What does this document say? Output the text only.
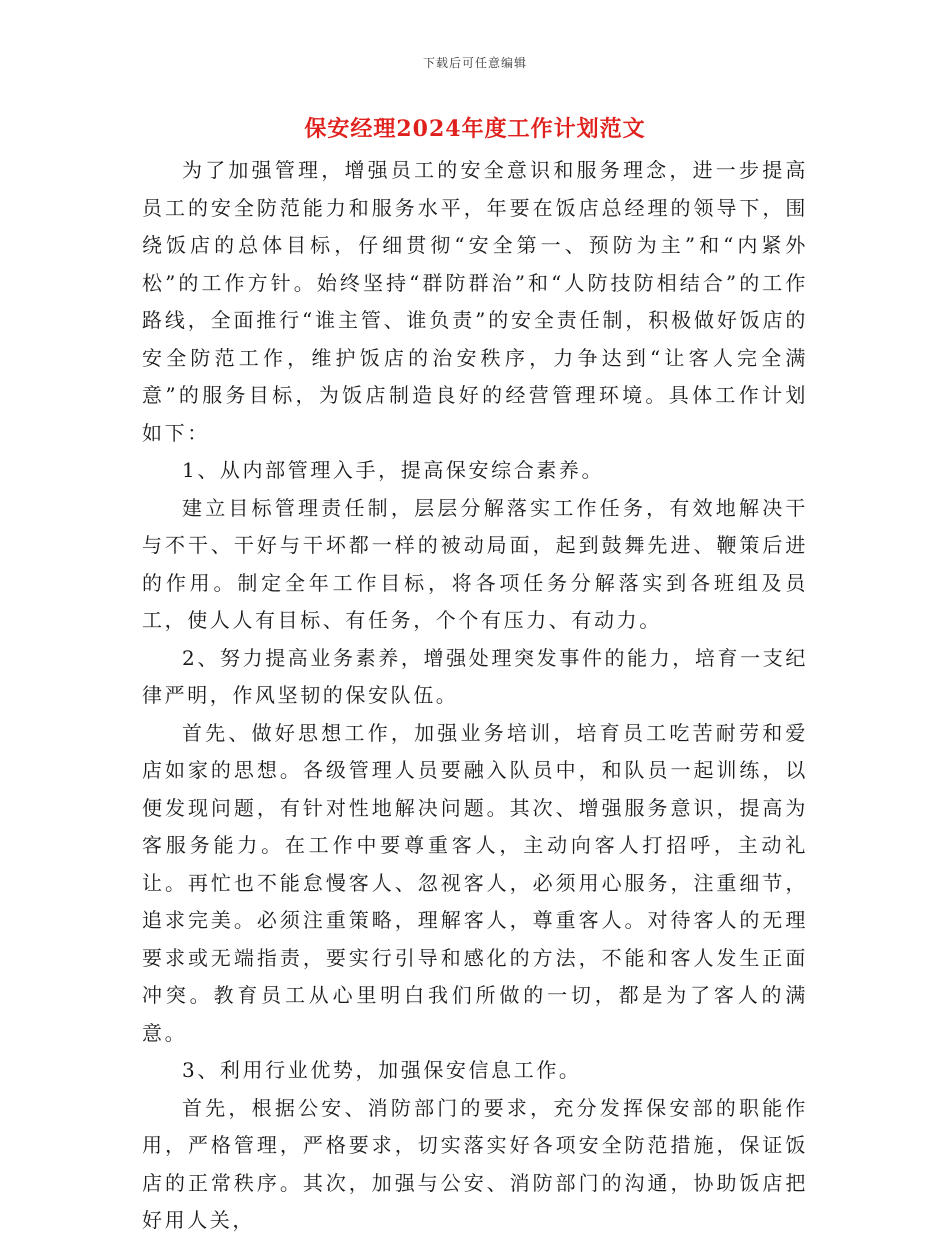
下载后可任意编辑
保安经理2024年度工作计划范文

为了加强管理，增强员工的安全意识和服务理念，进一步提高员工的安全防范能力和服务水平，年要在饭店总经理的领导下，围绕饭店的总体目标，仔细贯彻“安全第一、预防为主”和“内紧外松”的工作方针。始终坚持“群防群治”和“人防技防相结合”的工作路线，全面推行“谁主管、谁负责”的安全责任制，积极做好饭店的安全防范工作，维护饭店的治安秩序，力争达到“让客人完全满意”的服务目标，为饭店制造良好的经营管理环境。具体工作计划如下：

1、从内部管理入手，提高保安综合素养。

建立目标管理责任制，层层分解落实工作任务，有效地解决干与不干、干好与干坏都一样的被动局面，起到鼓舞先进、鞭策后进的作用。制定全年工作目标，将各项任务分解落实到各班组及员工，使人人有目标、有任务，个个有压力、有动力。

2、努力提高业务素养，增强处理突发事件的能力，培育一支纪律严明，作风坚韧的保安队伍。

首先、做好思想工作，加强业务培训，培育员工吃苦耐劳和爱店如家的思想。各级管理人员要融入队员中，和队员一起训练，以便发现问题，有针对性地解决问题。其次、增强服务意识，提高为客服务能力。在工作中要尊重客人，主动向客人打招呼，主动礼让。再忙也不能怠慢客人、忽视客人，必须用心服务，注重细节，追求完美。必须注重策略，理解客人，尊重客人。对待客人的无理要求或无端指责，要实行引导和感化的方法，不能和客人发生正面冲突。教育员工从心里明白我们所做的一切，都是为了客人的满意。

3、利用行业优势，加强保安信息工作。

首先，根据公安、消防部门的要求，充分发挥保安部的职能作用，严格管理，严格要求，切实落实好各项安全防范措施，保证饭店的正常秩序。其次，加强与公安、消防部门的沟通，协助饭店把好用人关，
